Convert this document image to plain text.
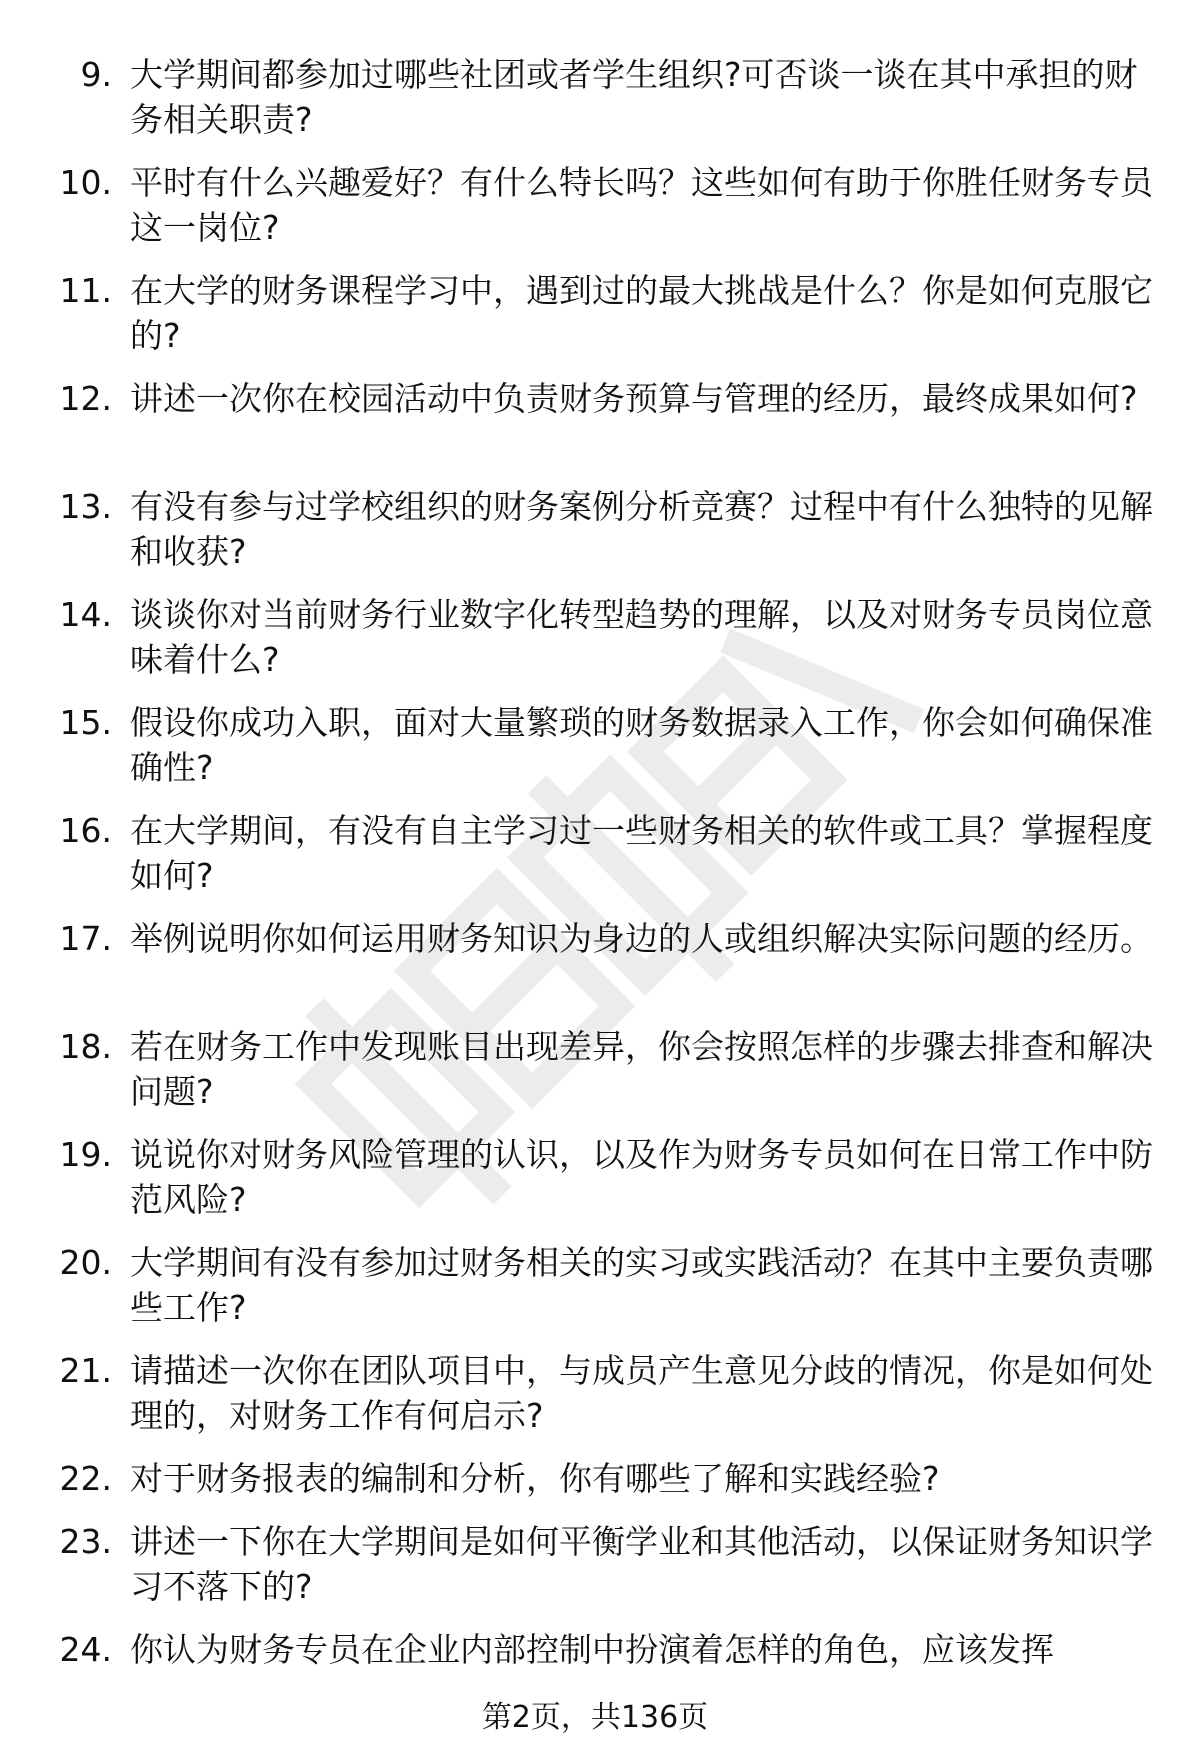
9. 大学期间都参加过哪些社团或者学生组织?可否谈一谈在其中承担的财务相关职责?
10. 平时有什么兴趣爱好？有什么特长吗？这些如何有助于你胜任财务专员这一岗位?
11. 在大学的财务课程学习中，遇到过的最大挑战是什么？你是如何克服它的?
12. 讲述一次你在校园活动中负责财务预算与管理的经历，最终成果如何?
13. 有没有参与过学校组织的财务案例分析竞赛？过程中有什么独特的见解和收获?
14. 谈谈你对当前财务行业数字化转型趋势的理解，以及对财务专员岗位意味着什么?
15. 假设你成功入职，面对大量繁琐的财务数据录入工作，你会如何确保准确性?
16. 在大学期间，有没有自主学习过一些财务相关的软件或工具？掌握程度如何?
17. 举例说明你如何运用财务知识为身边的人或组织解决实际问题的经历。
18. 若在财务工作中发现账目出现差异，你会按照怎样的步骤去排查和解决问题?
19. 说说你对财务风险管理的认识，以及作为财务专员如何在日常工作中防范风险?
20. 大学期间有没有参加过财务相关的实习或实践活动？在其中主要负责哪些工作?
21. 请描述一次你在团队项目中，与成员产生意见分歧的情况，你是如何处理的，对财务工作有何启示?
22. 对于财务报表的编制和分析，你有哪些了解和实践经验?
23. 讲述一下你在大学期间是如何平衡学业和其他活动，以保证财务知识学习不落下的?
24. 你认为财务专员在企业内部控制中扮演着怎样的角色，应该发挥
第2页，共136页
